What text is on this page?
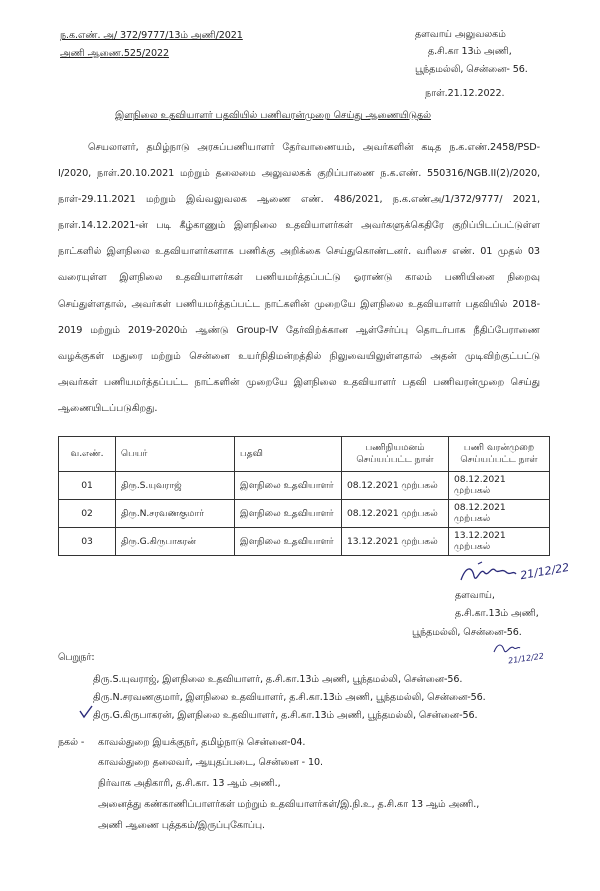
ந.க.எண். அ/ 372/9777/13ம் அணி/2021
அணி ஆணை.525/2022
தளவாய் அலுவலகம்
த.சி.கா 13ம் அணி,
பூந்தமல்லி, சென்னை- 56.
நாள்.21.12.2022.
இளநிலை உதவியாளர் பதவியில் பணிவரன்முறை செய்து ஆணையிடுதல்
செயலாளர், தமிழ்நாடு அரசுப்பணியாளர் தேர்வாணையம், அவர்களின் கடித ந.க.எண்.2458/PSD-I/2020, நாள்.20.10.2021 மற்றும் தலைமை அலுவலகக் குறிப்பாணை ந.க.எண். 550316/NGB.II(2)/2020, நாள்-29.11.2021 மற்றும் இவ்வலுவலக ஆணை எண். 486/2021, ந.க.எண்அ/1/372/9777/ 2021, நாள்.14.12.2021-ன் படி கீழ்காணும் இளநிலை உதவியாளர்கள் அவர்களுக்கெதிரே குறிப்பிடப்பட்டுள்ள நாட்களில் இளநிலை உதவியாளர்களாக பணிக்கு அறிக்கை செய்துகொண்டனர். வரிசை எண். 01 முதல் 03 வரையுள்ள இளநிலை உதவியாளர்கள் பணியமர்த்தப்பட்டு ஓராண்டு காலம் பணியினை நிறைவு செய்துள்ளதால், அவர்கள் பணியமர்த்தப்பட்ட நாட்களின் முறையே இளநிலை உதவியாளர் பதவியில் 2018-2019 மற்றும் 2019-2020ம் ஆண்டு Group-IV தேர்விற்க்கான ஆள்சேர்ப்பு தொடர்பாக நீதிப்பேராணை வழக்குகள் மதுரை மற்றும் சென்னை உயர்நிதிமன்றத்தில் நிலுவையிலுள்ளதால் அதன் முடிவிற்குட்பட்டு அவர்கள் பணியமர்த்தப்பட்ட நாட்களின் முறையே இளநிலை உதவியாளர் பதவி பணிவரன்முறை செய்து ஆணையிடப்படுகிறது.
வ.எண்.	பெயர்	பதவி	பணிநியமனம் செய்யப்பட்ட நாள்	பணி வரன்முறை செய்யப்பட்ட நாள்
01	திரு.S.யுவராஜ்	இளநிலை உதவியாளர்	08.12.2021 முற்பகல்	08.12.2021 முற்பகல்
02	திரு.N.சரவணகுமார்	இளநிலை உதவியாளர்	08.12.2021 முற்பகல்	08.12.2021 முற்பகல்
03	திரு.G.கிருபாகரன்	இளநிலை உதவியாளர்	13.12.2021 முற்பகல்	13.12.2021 முற்பகல்
21/12/22
தளவாய்,
த.சி.கா.13ம் அணி,
பூந்தமல்லி, சென்னை-56.
21/12/22
பெறுநர்:
திரு.S.யுவராஜ், இளநிலை உதவியாளர், த.சி.கா.13ம் அணி, பூந்தமல்லி, சென்னை-56.
திரு.N.சரவணகுமார், இளநிலை உதவியாளர், த.சி.கா.13ம் அணி, பூந்தமல்லி, சென்னை-56.
திரு.G.கிருபாகரன், இளநிலை உதவியாளர், த.சி.கா.13ம் அணி, பூந்தமல்லி, சென்னை-56.
நகல் - காவல்துறை இயக்குநர், தமிழ்நாடு சென்னை-04.
காவல்துறை தலைவர், ஆயுதப்படை, சென்னை - 10.
நிர்வாக அதிகாரி, த.சி.கா. 13 ஆம் அணி.,
அனைத்து கண்காணிப்பாளர்கள் மற்றும் உதவியாளர்கள்/இ.நி.உ, த.சி.கா 13 ஆம் அணி.,
அணி ஆணை புத்தகம்/இருப்புகோப்பு.
